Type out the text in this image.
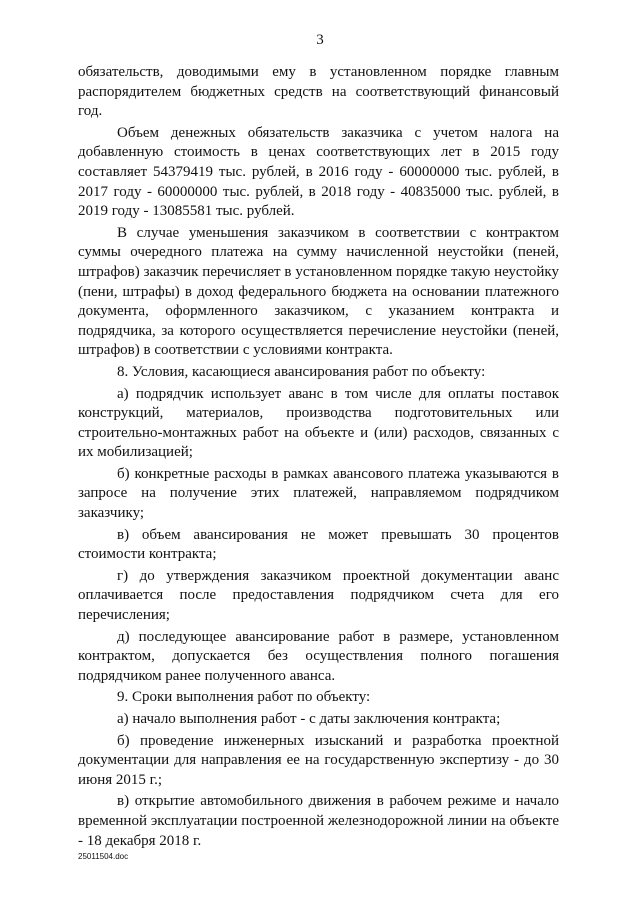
3

обязательств, доводимыми ему в установленном порядке главным распорядителем бюджетных средств на соответствующий финансовый год.

Объем денежных обязательств заказчика с учетом налога на добавленную стоимость в ценах соответствующих лет в 2015 году составляет 54379419 тыс. рублей, в 2016 году - 60000000 тыс. рублей, в 2017 году - 60000000 тыс. рублей, в 2018 году - 40835000 тыс. рублей, в 2019 году - 13085581 тыс. рублей.

В случае уменьшения заказчиком в соответствии с контрактом суммы очередного платежа на сумму начисленной неустойки (пеней, штрафов) заказчик перечисляет в установленном порядке такую неустойку (пени, штрафы) в доход федерального бюджета на основании платежного документа, оформленного заказчиком, с указанием контракта и подрядчика, за которого осуществляется перечисление неустойки (пеней, штрафов) в соответствии с условиями контракта.

8. Условия, касающиеся авансирования работ по объекту:

а) подрядчик использует аванс в том числе для оплаты поставок конструкций, материалов, производства подготовительных или строительно-монтажных работ на объекте и (или) расходов, связанных с их мобилизацией;

б) конкретные расходы в рамках авансового платежа указываются в запросе на получение этих платежей, направляемом подрядчиком заказчику;

в) объем авансирования не может превышать 30 процентов стоимости контракта;

г) до утверждения заказчиком проектной документации аванс оплачивается после предоставления подрядчиком счета для его перечисления;

д) последующее авансирование работ в размере, установленном контрактом, допускается без осуществления полного погашения подрядчиком ранее полученного аванса.

9. Сроки выполнения работ по объекту:

а) начало выполнения работ - с даты заключения контракта;

б) проведение инженерных изысканий и разработка проектной документации для направления ее на государственную экспертизу - до 30 июня 2015 г.;

в) открытие автомобильного движения в рабочем режиме и начало временной эксплуатации построенной железнодорожной линии на объекте - 18 декабря 2018 г.

25011504.doc
